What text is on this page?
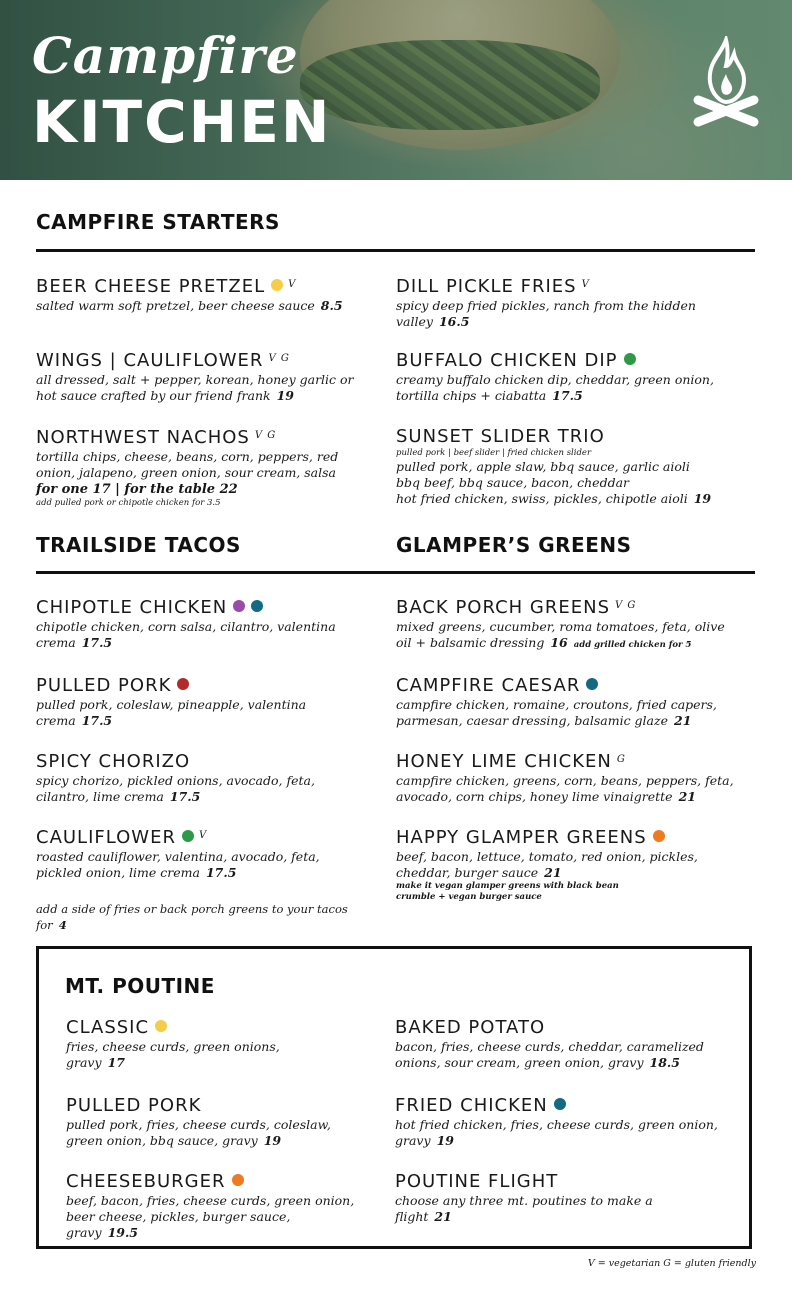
Campfire
KITCHEN
CAMPFIRE STARTERS
BEER CHEESE PRETZEL $^V$

salted warm soft pretzel, beer cheese sauce 8.5

WINGS | CAULIFLOWER $^{V G}$

all dressed, salt + pepper, korean, honey garlic or hot sauce crafted by our friend frank 19

NORTHWEST NACHOS $^{V G}$

tortilla chips, cheese, beans, corn, peppers, red onion, jalapeno, green onion, sour cream, salsa

for one 17 | for the table 22
add pulled pork or chipotle chicken for 3.5
DILL PICKLE FRIES $^V$

spicy deep fried pickles, ranch from the hidden valley 16.5

BUFFALO CHICKEN DIP

creamy buffalo chicken dip, cheddar, green onion, tortilla chips + ciabatta 17.5

SUNSET SLIDER TRIO
pulled pork | beef slider | fried chicken slider

pulled pork, apple slaw, bbq sauce, garlic aioli

bbq beef, bbq sauce, bacon, cheddar

hot fried chicken, swiss, pickles, chipotle aioli 19

TRAILSIDE TACOS	GLAMPER’S GREENS
CHIPOTLE CHICKEN

chipotle chicken, corn salsa, cilantro, valentina crema 17.5

PULLED PORK

pulled pork, coleslaw, pineapple, valentina crema 17.5

SPICY CHORIZO

spicy chorizo, pickled onions, avocado, feta, cilantro, lime crema 17.5

CAULIFLOWER $^V$

roasted cauliflower, valentina, avocado, feta, pickled onion, lime crema 17.5

add a side of fries or back porch greens to your tacos for 4

BACK PORCH GREENS $^{V G}$

mixed greens, cucumber, roma tomatoes, feta, olive oil + balsamic dressing 16 add grilled chicken for 5

CAMPFIRE CAESAR

campfire chicken, romaine, croutons, fried capers, parmesan, caesar dressing, balsamic glaze 21

HONEY LIME CHICKEN $^G$

campfire chicken, greens, corn, beans, peppers, feta, avocado, corn chips, honey lime vinaigrette 21

HAPPY GLAMPER GREENS

beef, bacon, lettuce, tomato, red onion, pickles, cheddar, burger sauce 21

make it vegan glamper greens with black bean crumble + vegan burger sauce
MT. POUTINE
CLASSIC

fries, cheese curds, green onions, gravy 17

PULLED PORK

pulled pork, fries, cheese curds, coleslaw, green onion, bbq sauce, gravy 19

CHEESEBURGER

beef, bacon, fries, cheese curds, green onion, beer cheese, pickles, burger sauce, gravy 19.5

BAKED POTATO

bacon, fries, cheese curds, cheddar, caramelized onions, sour cream, green onion, gravy 18.5

FRIED CHICKEN

hot fried chicken, fries, cheese curds, green onion, gravy 19

POUTINE FLIGHT

choose any three mt. poutines to make a flight 21

V = vegetarian G = gluten friendly
